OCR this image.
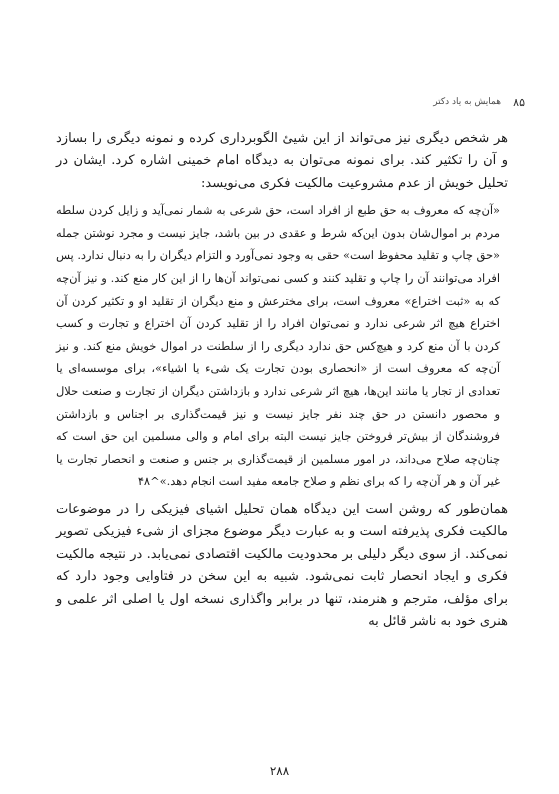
۸۵
همایش به یاد دکتر

هر شخص دیگری نیز می‌تواند از این شیئ الگوبرداری کرده و نمونه دیگری را بسازد و آن را تکثیر کند. برای نمونه می‌توان به دیدگاه امام خمینی اشاره کرد. ایشان در تحلیل خویش از عدم مشروعیت مالکیت فکری می‌نویسد:

«آن‌چه که معروف به حق طبع از افراد است، حق شرعی به شمار نمی‌آید و زایل کردن سلطه مردم بر اموال‌شان بدون این‌که شرط و عقدی در بین باشد، جایز نیست و مجرد نوشتن جمله «حق چاپ و تقلید محفوظ است» حقی به وجود نمی‌آورد و التزام دیگران را به دنبال ندارد. پس افراد می‌توانند آن را چاپ و تقلید کنند و کسی نمی‌تواند آن‌ها را از این کار منع کند. و نیز آن‌چه که به «ثبت اختراع» معروف است، برای مخترعش و منع دیگران از تقلید او و تکثیر کردن آن اختراع هیچ اثر شرعی ندارد و نمی‌توان افراد را از تقلید کردن آن اختراع و تجارت و کسب کردن با آن منع کرد و هیچ‌کس حق ندارد دیگری را از سلطنت در اموال خویش منع کند. و نیز آن‌چه که معروف است از «انحصاری بودن تجارت یک شیء یا اشیاء»، برای موسسه‌ای یا تعدادی از تجار یا مانند این‌ها، هیچ اثر شرعی ندارد و بازداشتن دیگران از تجارت و صنعت حلال و محصور دانستن در حق چند نفر جایز نیست و نیز قیمت‌گذاری بر اجناس و بازداشتن فروشندگان از بیش‌تر فروختن جایز نیست البته برای امام و والی مسلمین این حق است که چنان‌چه صلاح می‌داند، در امور مسلمین از قیمت‌گذاری بر جنس و صنعت و انحصار تجارت یا غیر آن و هر آن‌چه را که برای نظم و صلاح جامعه مفید است انجام دهد.»^۴۸

همان‌طور که روشن است این دیدگاه همان تحلیل اشیای فیزیکی را در موضوعات مالکیت فکری پذیرفته است و به عبارت دیگر موضوع مجزای از شیء فیزیکی تصویر نمی‌کند. از سوی دیگر دلیلی بر محدودیت مالکیت اقتصادی نمی‌یابد. در نتیجه مالکیت فکری و ایجاد انحصار ثابت نمی‌شود. شبیه به این سخن در فتاوایی وجود دارد که برای مؤلف، مترجم و هنرمند، تنها در برابر واگذاری نسخه اول یا اصلی اثر علمی و هنری خود به ناشر قائل به

۲۸۸
